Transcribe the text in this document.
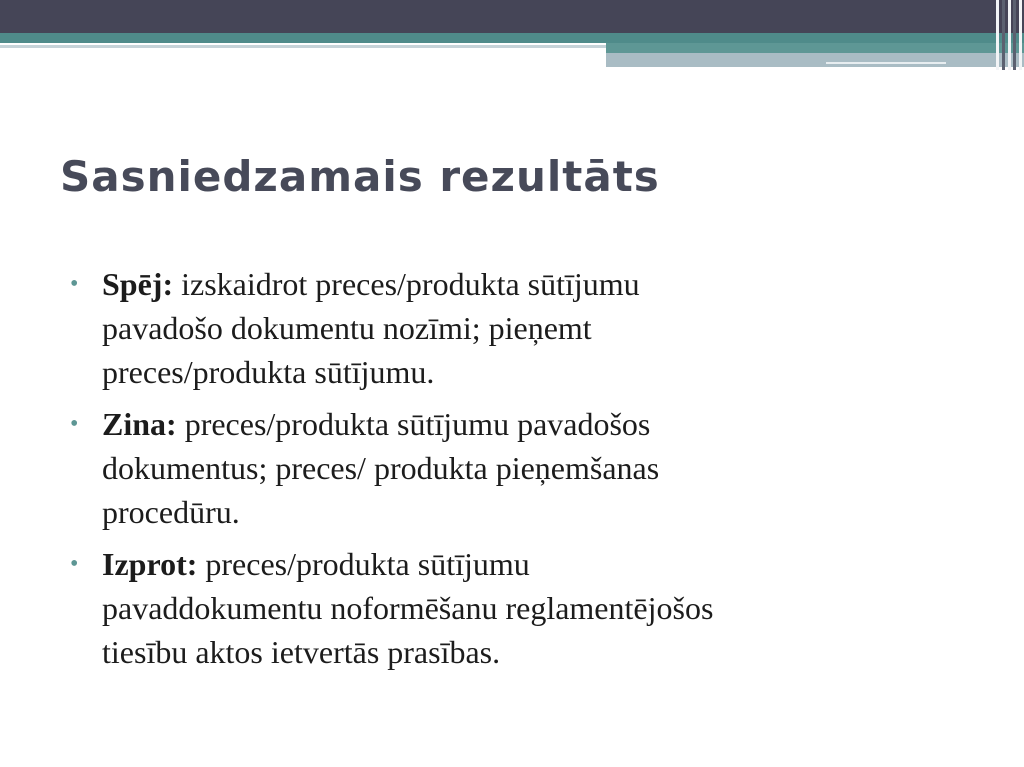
Sasniedzamais rezultāts
•
Spēj: izskaidrot preces/produkta sūtījumu
pavadošo dokumentu nozīmi; pieņemt
preces/produkta sūtījumu.
•
Zina: preces/produkta sūtījumu pavadošos
dokumentus; preces/ produkta pieņemšanas
procedūru.
•
Izprot: preces/produkta sūtījumu
pavaddokumentu noformēšanu reglamentējošos
tiesību aktos ietvertās prasības.
